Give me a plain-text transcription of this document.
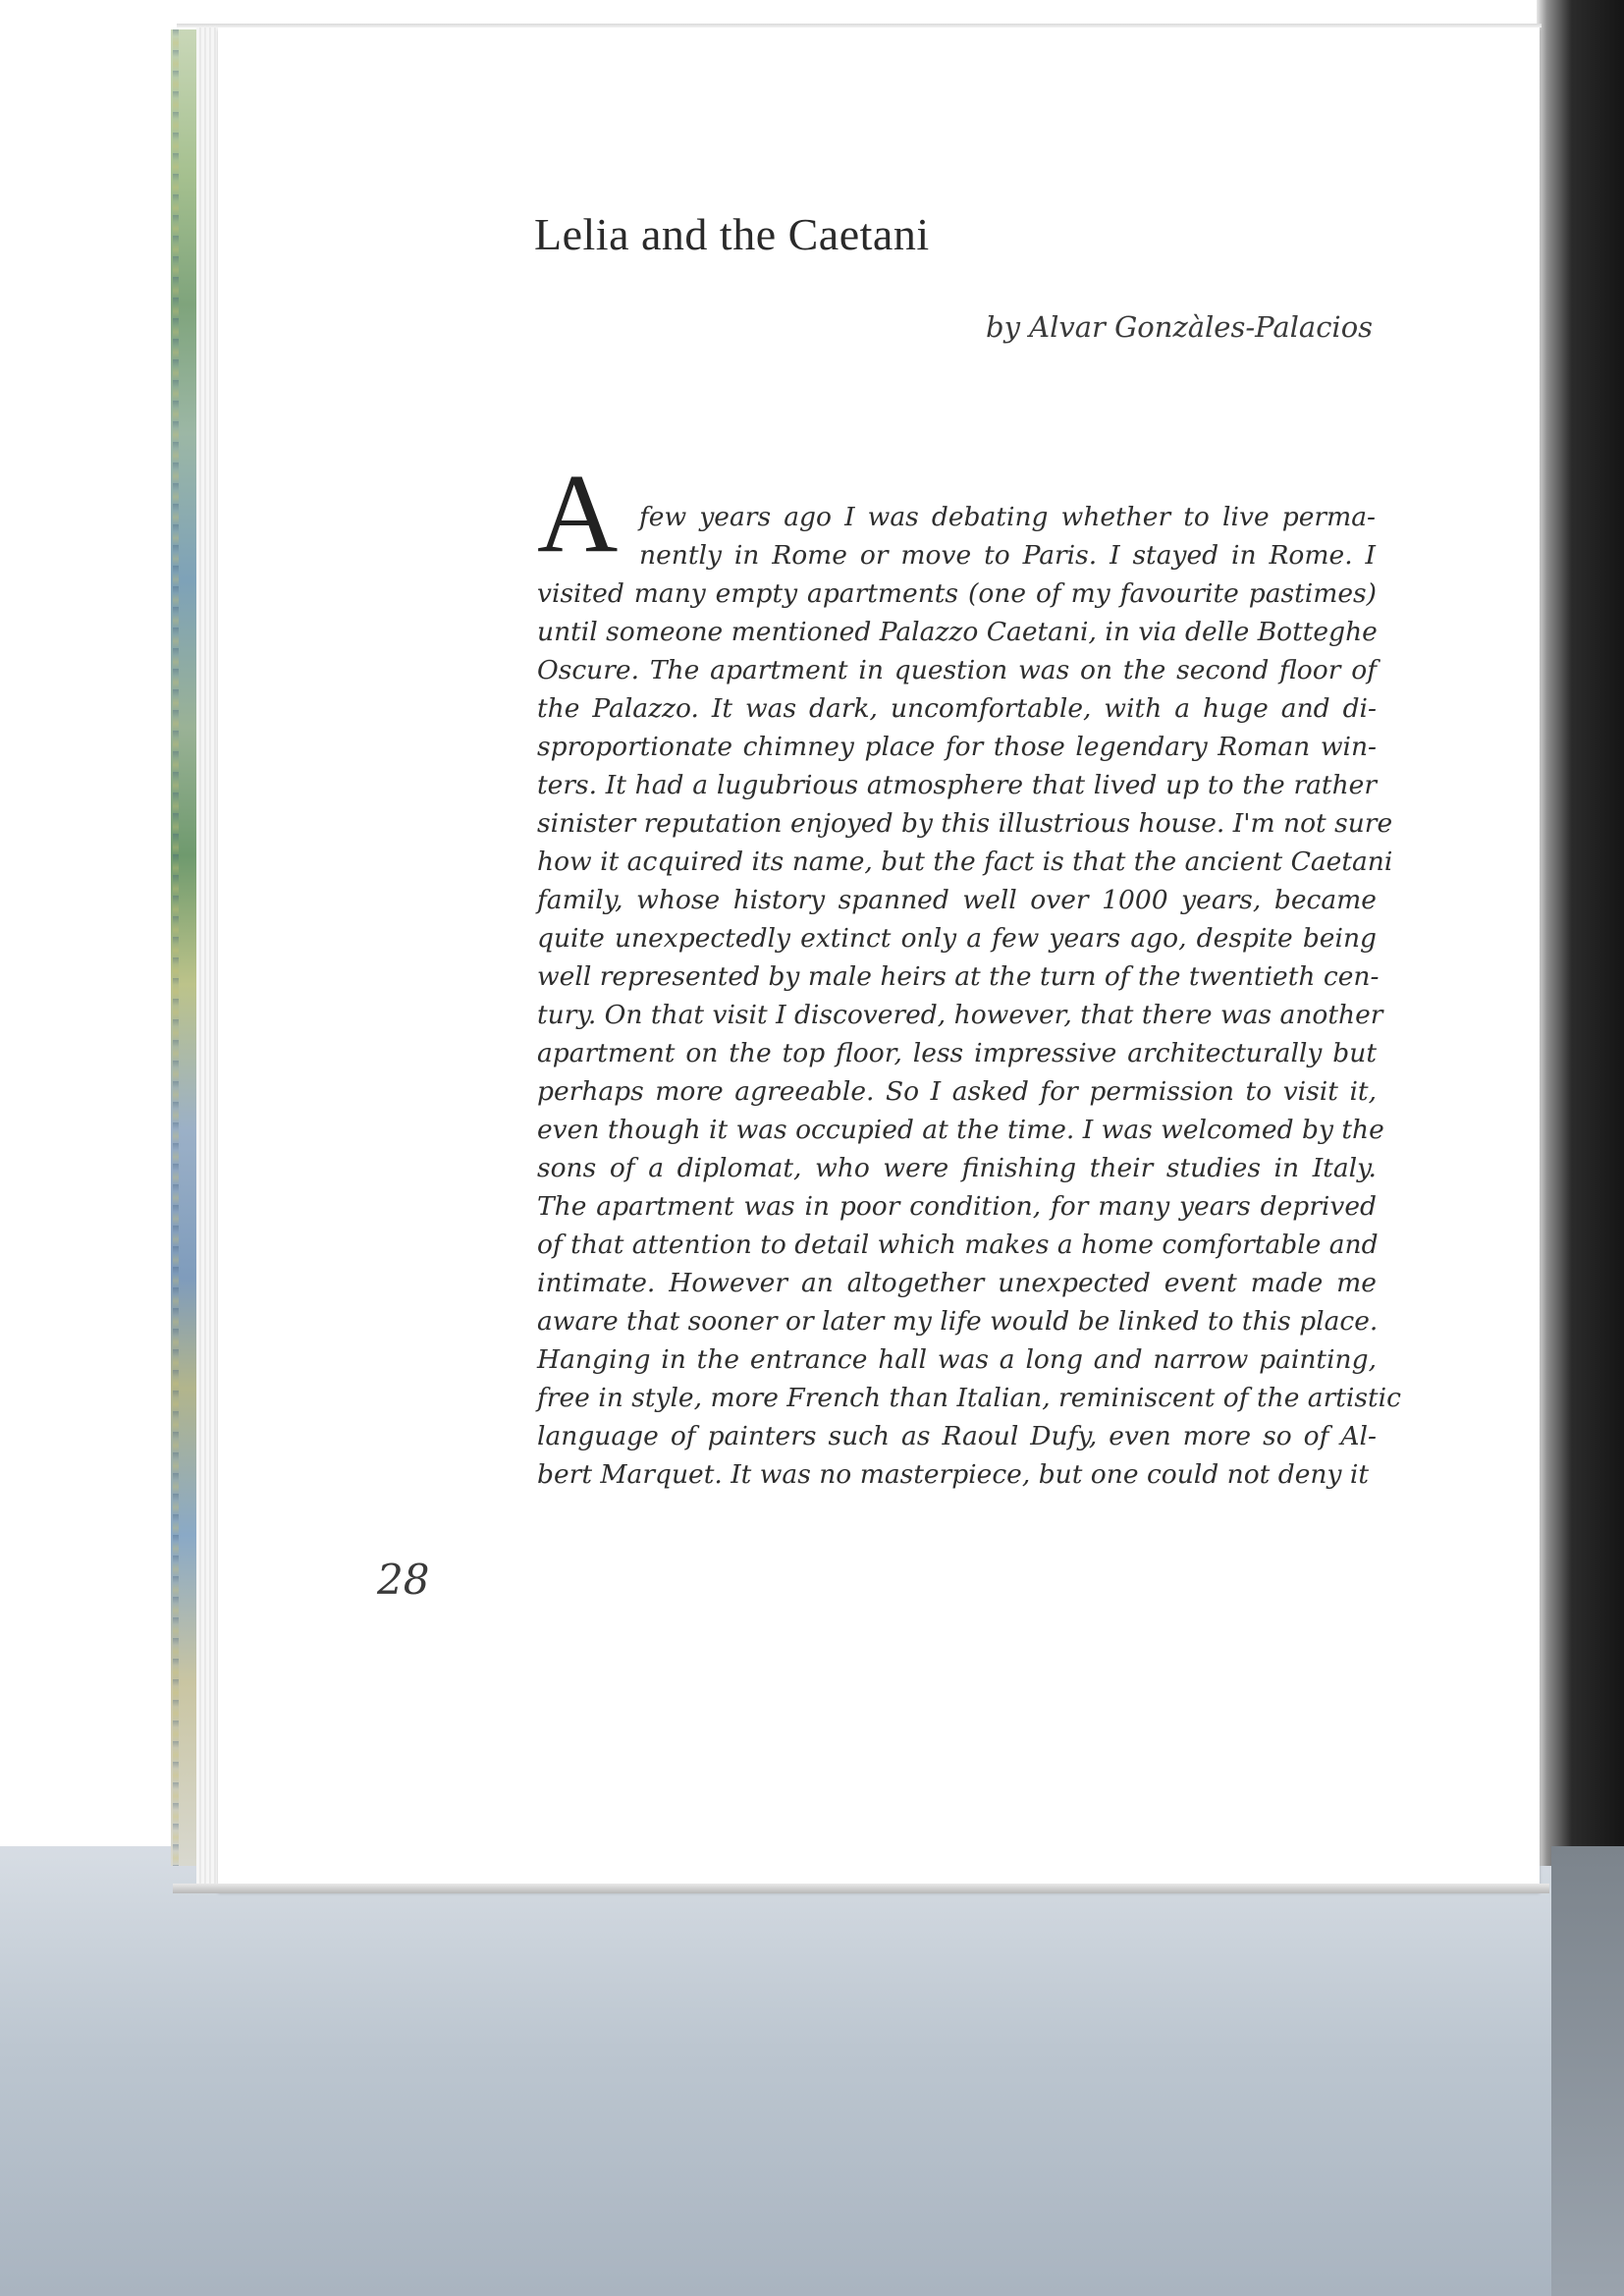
Lelia and the Caetani
by Alvar Gonzàles-Palacios
A few years ago I was debating whether to live perma-
nently in Rome or move to Paris. I stayed in Rome. I
visited many empty apartments (one of my favourite pastimes)
until someone mentioned Palazzo Caetani, in via delle Botteghe
Oscure. The apartment in question was on the second floor of
the Palazzo. It was dark, uncomfortable, with a huge and di-
sproportionate chimney place for those legendary Roman win-
ters. It had a lugubrious atmosphere that lived up to the rather
sinister reputation enjoyed by this illustrious house. I'm not sure
how it acquired its name, but the fact is that the ancient Caetani
family, whose history spanned well over 1000 years, became
quite unexpectedly extinct only a few years ago, despite being
well represented by male heirs at the turn of the twentieth cen-
tury. On that visit I discovered, however, that there was another
apartment on the top floor, less impressive architecturally but
perhaps more agreeable. So I asked for permission to visit it,
even though it was occupied at the time. I was welcomed by the
sons of a diplomat, who were finishing their studies in Italy.
The apartment was in poor condition, for many years deprived
of that attention to detail which makes a home comfortable and
intimate. However an altogether unexpected event made me
aware that sooner or later my life would be linked to this place.
Hanging in the entrance hall was a long and narrow painting,
free in style, more French than Italian, reminiscent of the artistic
language of painters such as Raoul Dufy, even more so of Al-
bert Marquet. It was no masterpiece, but one could not deny it
28
